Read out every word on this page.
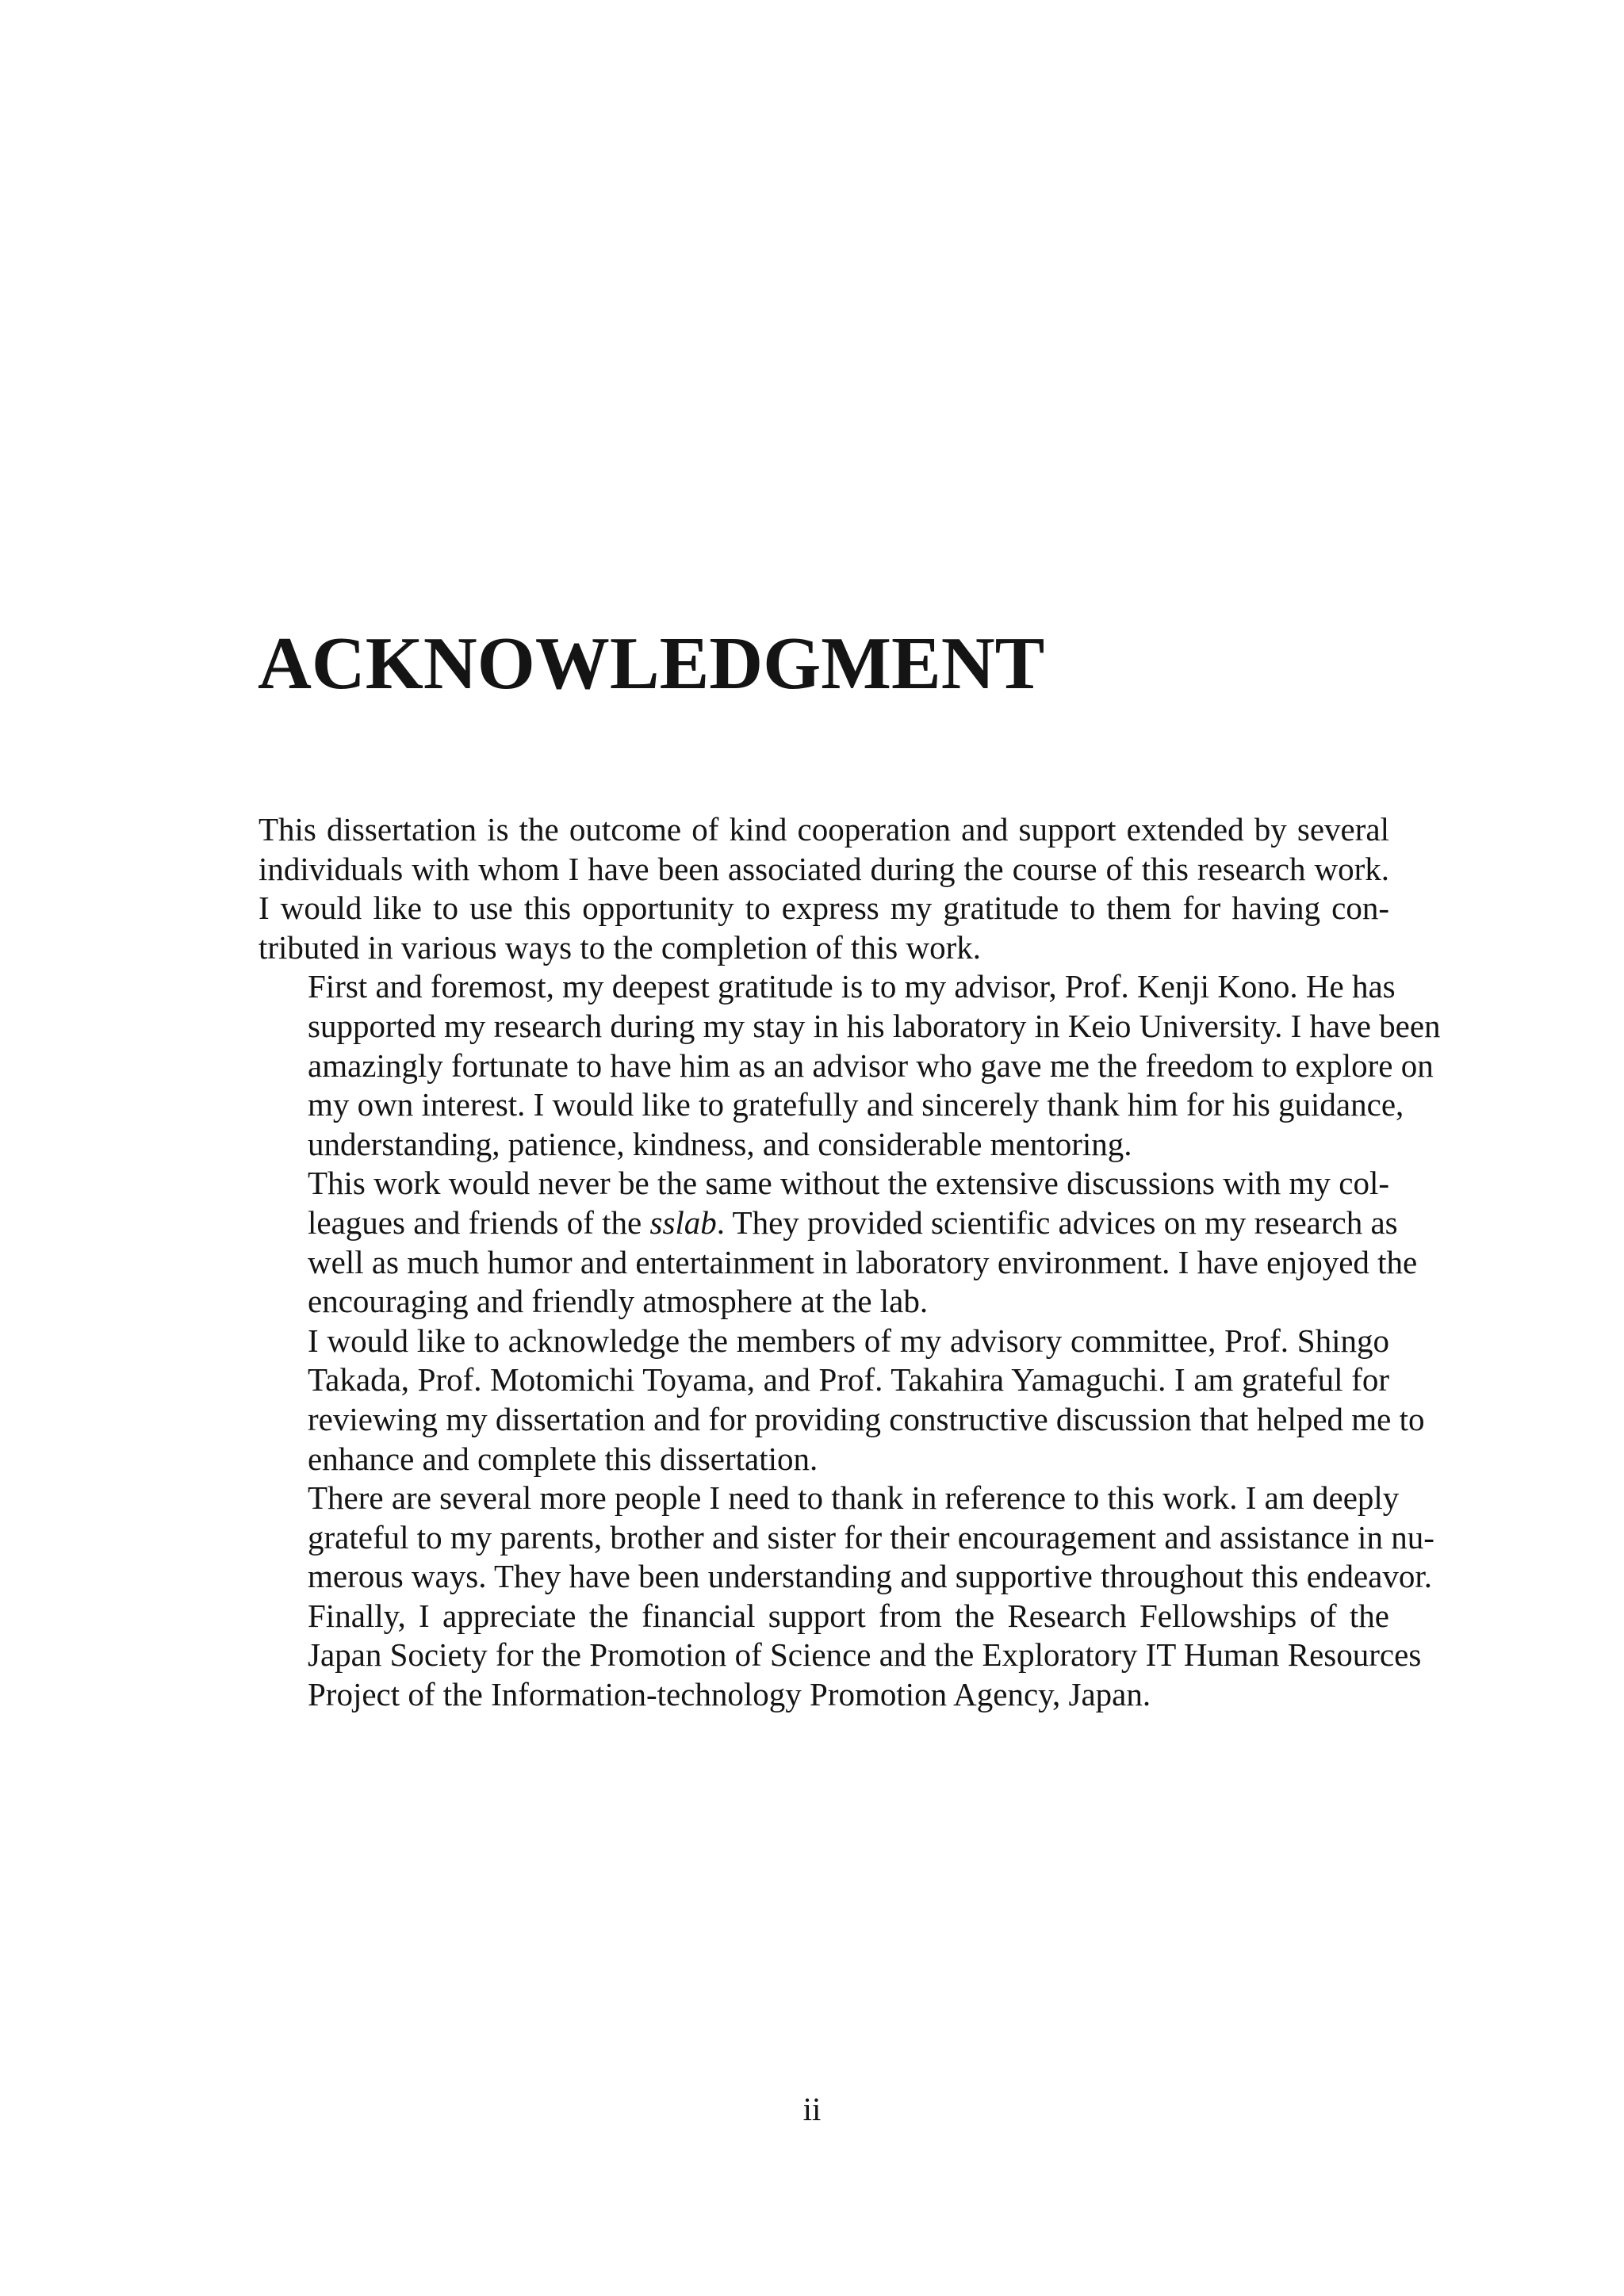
ACKNOWLEDGMENT

This dissertation is the outcome of kind cooperation and support extended by several
individuals with whom I have been associated during the course of this research work.
I would like to use this opportunity to express my gratitude to them for having con-
tributed in various ways to the completion of this work.

First and foremost, my deepest gratitude is to my advisor, Prof. Kenji Kono. He has
supported my research during my stay in his laboratory in Keio University. I have been
amazingly fortunate to have him as an advisor who gave me the freedom to explore on
my own interest. I would like to gratefully and sincerely thank him for his guidance,
understanding, patience, kindness, and considerable mentoring.

This work would never be the same without the extensive discussions with my col-
leagues and friends of the sslab. They provided scientific advices on my research as
well as much humor and entertainment in laboratory environment. I have enjoyed the
encouraging and friendly atmosphere at the lab.

I would like to acknowledge the members of my advisory committee, Prof. Shingo
Takada, Prof. Motomichi Toyama, and Prof. Takahira Yamaguchi. I am grateful for
reviewing my dissertation and for providing constructive discussion that helped me to
enhance and complete this dissertation.

There are several more people I need to thank in reference to this work. I am deeply
grateful to my parents, brother and sister for their encouragement and assistance in nu-
merous ways. They have been understanding and supportive throughout this endeavor.

Finally, I appreciate the financial support from the Research Fellowships of the
Japan Society for the Promotion of Science and the Exploratory IT Human Resources
Project of the Information-technology Promotion Agency, Japan.

ii
